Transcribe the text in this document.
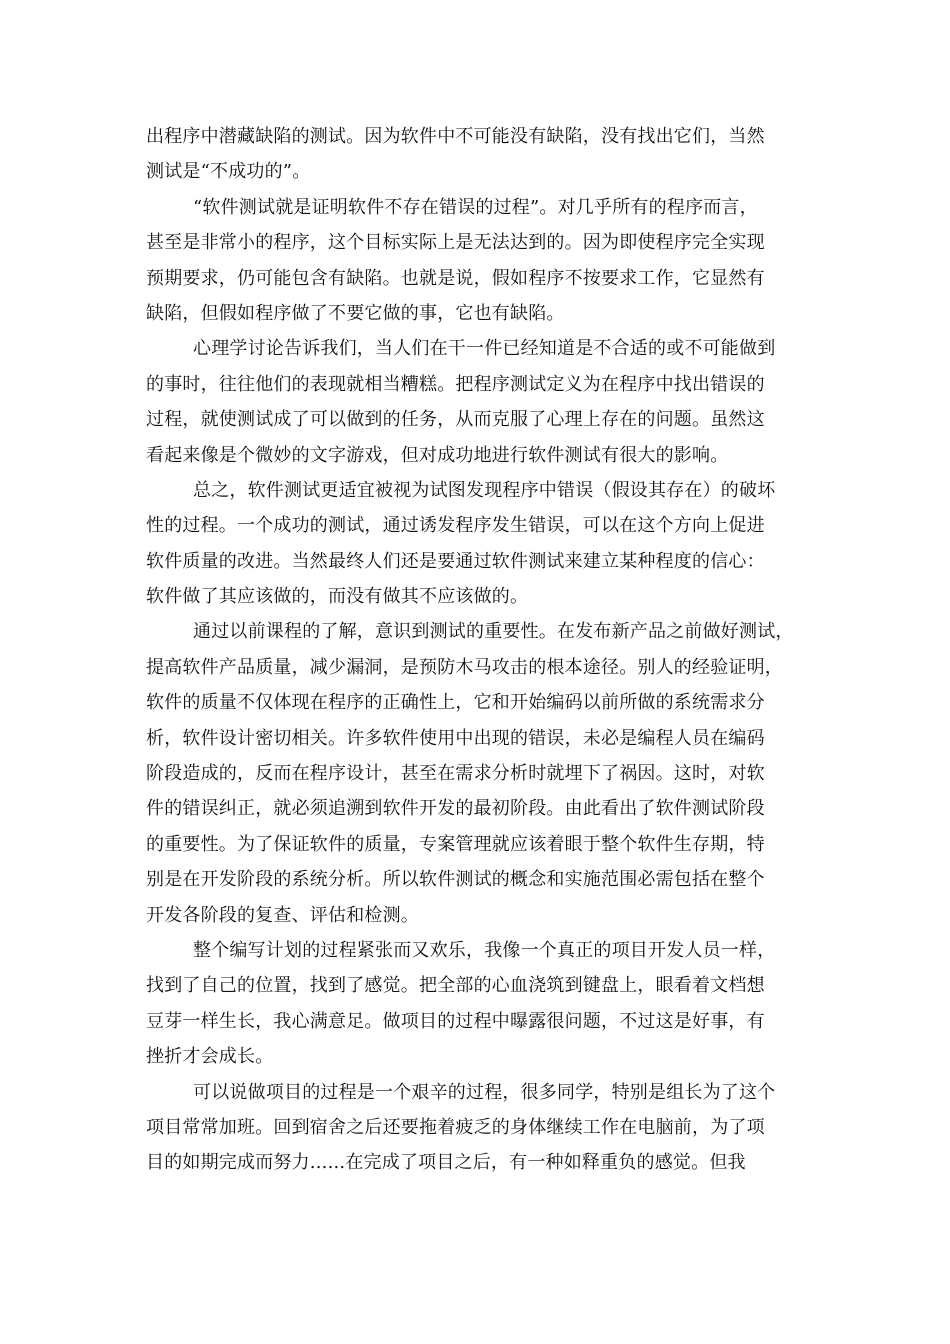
出程序中潜藏缺陷的测试。因为软件中不可能没有缺陷，没有找出它们，当然

测试是“不成功的”。

“软件测试就是证明软件不存在错误的过程”。对几乎所有的程序而言，

甚至是非常小的程序，这个目标实际上是无法达到的。因为即使程序完全实现

预期要求，仍可能包含有缺陷。也就是说，假如程序不按要求工作，它显然有

缺陷，但假如程序做了不要它做的事，它也有缺陷。

心理学讨论告诉我们，当人们在干一件已经知道是不合适的或不可能做到

的事时，往往他们的表现就相当糟糕。把程序测试定义为在程序中找出错误的

过程，就使测试成了可以做到的任务，从而克服了心理上存在的问题。虽然这

看起来像是个微妙的文字游戏，但对成功地进行软件测试有很大的影响。

总之，软件测试更适宜被视为试图发现程序中错误（假设其存在）的破坏

性的过程。一个成功的测试，通过诱发程序发生错误，可以在这个方向上促进

软件质量的改进。当然最终人们还是要通过软件测试来建立某种程度的信心：

软件做了其应该做的，而没有做其不应该做的。

通过以前课程的了解，意识到测试的重要性。在发布新产品之前做好测试，

提高软件产品质量，减少漏洞，是预防木马攻击的根本途径。别人的经验证明，

软件的质量不仅体现在程序的正确性上，它和开始编码以前所做的系统需求分

析，软件设计密切相关。许多软件使用中出现的错误，未必是编程人员在编码

阶段造成的，反而在程序设计，甚至在需求分析时就埋下了祸因。这时，对软

件的错误纠正，就必须追溯到软件开发的最初阶段。由此看出了软件测试阶段

的重要性。为了保证软件的质量，专案管理就应该着眼于整个软件生存期，特

别是在开发阶段的系统分析。所以软件测试的概念和实施范围必需包括在整个

开发各阶段的复查、评估和检测。

整个编写计划的过程紧张而又欢乐，我像一个真正的项目开发人员一样，

找到了自己的位置，找到了感觉。把全部的心血浇筑到键盘上，眼看着文档想

豆芽一样生长，我心满意足。做项目的过程中曝露很问题，不过这是好事，有

挫折才会成长。

可以说做项目的过程是一个艰辛的过程，很多同学，特别是组长为了这个

项目常常加班。回到宿舍之后还要拖着疲乏的身体继续工作在电脑前，为了项

目的如期完成而努力......在完成了项目之后，有一种如释重负的感觉。但我
